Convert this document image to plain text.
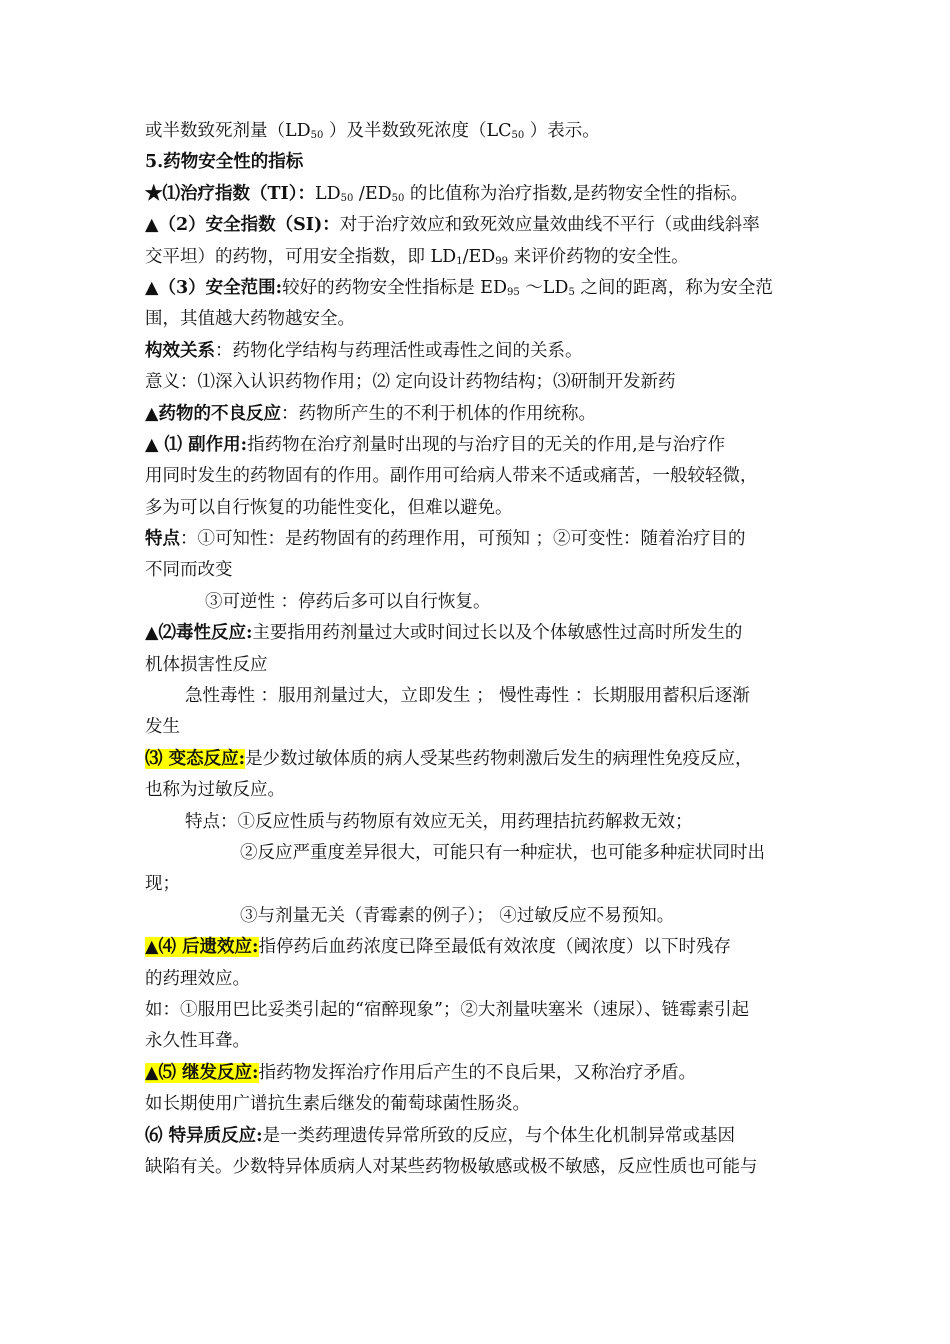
或半数致死剂量（$LD_{50}$ ）及半数致死浓度（$LC_{50}$ ）表示。

5.药物安全性的指标

★⑴治疗指数（TI）：$LD_{50}$ $/ED_{50}$ 的比值称为治疗指数,是药物安全性的指标。

▲（2）安全指数（SI)：对于治疗效应和致死效应量效曲线不平行（或曲线斜率

交平坦）的药物，可用安全指数，即 $LD_1/ED_{99}$ 来评价药物的安全性。

▲（3）安全范围:较好的药物安全性指标是 $ED_{95}$ $\sim LD_5$ 之间的距离，称为安全范

围，其值越大药物越安全。

构效关系：药物化学结构与药理活性或毒性之间的关系。

意义：⑴深入认识药物作用；⑵ 定向设计药物结构；⑶研制开发新药

▲药物的不良反应：药物所产生的不利于机体的作用统称。

▲ ⑴ 副作用:指药物在治疗剂量时出现的与治疗目的无关的作用,是与治疗作

用同时发生的药物固有的作用。副作用可给病人带来不适或痛苦，一般较轻微，

多为可以自行恢复的功能性变化，但难以避免。

特点：①可知性：是药物固有的药理作用，可预知 ；②可变性：随着治疗目的

不同而改变

③可逆性 ：停药后多可以自行恢复。

▲⑵毒性反应:主要指用药剂量过大或时间过长以及个体敏感性过高时所发生的

机体损害性反应

急性毒性 ：服用剂量过大，立即发生 ； 慢性毒性 ：长期服用蓄积后逐渐

发生

⑶ 变态反应:是少数过敏体质的病人受某些药物刺激后发生的病理性免疫反应，

也称为过敏反应。

特点：①反应性质与药物原有效应无关，用药理拮抗药解救无效；

②反应严重度差异很大，可能只有一种症状，也可能多种症状同时出

现；

③与剂量无关（青霉素的例子）； ④过敏反应不易预知。

▲⑷ 后遗效应:指停药后血药浓度已降至最低有效浓度（阈浓度）以下时残存

的药理效应。

如：①服用巴比妥类引起的“宿醉现象”；②大剂量呋塞米（速尿）、链霉素引起

永久性耳聋。

▲⑸ 继发反应:指药物发挥治疗作用后产生的不良后果，又称治疗矛盾。

如长期使用广谱抗生素后继发的葡萄球菌性肠炎。

⑹ 特异质反应:是一类药理遗传异常所致的反应，与个体生化机制异常或基因

缺陷有关。少数特异体质病人对某些药物极敏感或极不敏感，反应性质也可能与
